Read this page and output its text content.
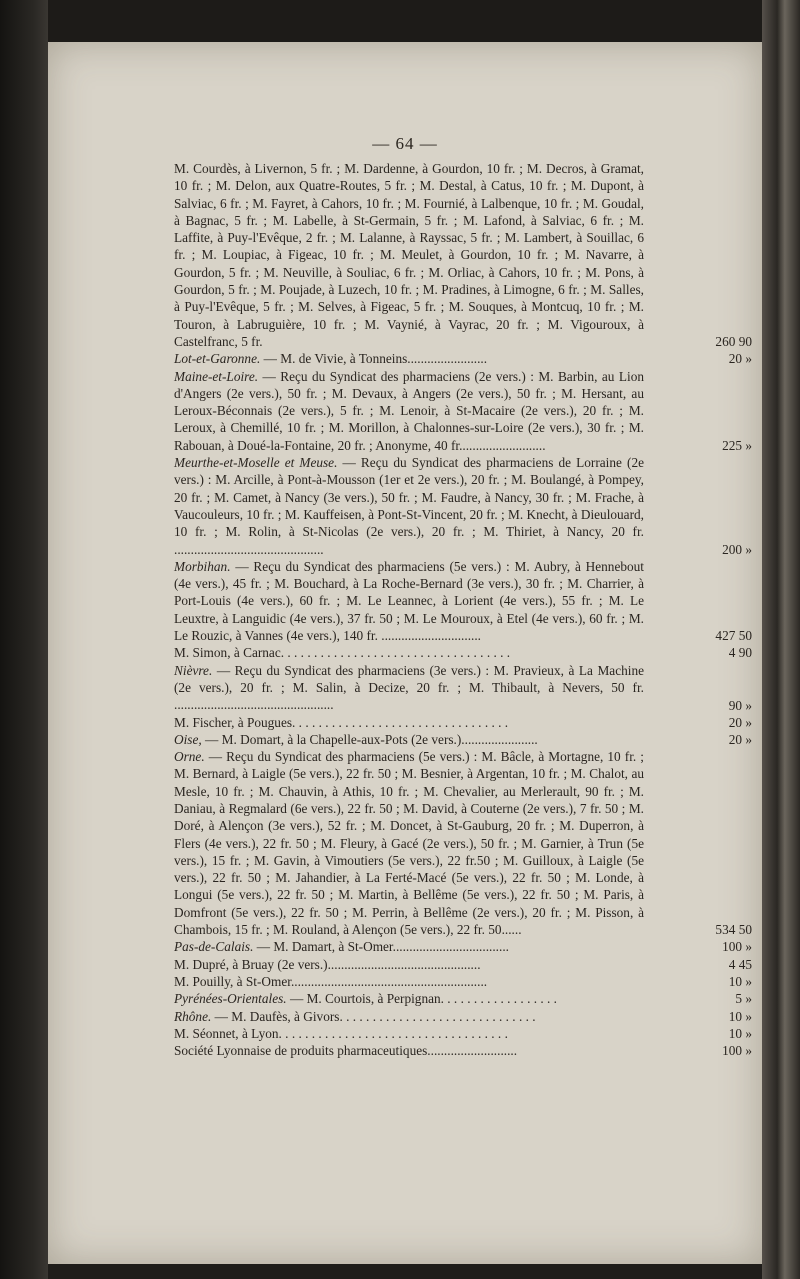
— 64 —

M. Courdès, à Livernon, 5 fr. ; M. Dardenne, à Gourdon, 10 fr. ; M. Decros, à Gramat, 10 fr. ; M. Delon, aux Quatre-Routes, 5 fr. ; M. Destal, à Catus, 10 fr. ; M. Dupont, à Salviac, 6 fr. ; M. Fayret, à Cahors, 10 fr. ; M. Fournié, à Lalbenque, 10 fr. ; M. Goudal, à Bagnac, 5 fr. ; M. Labelle, à St-Germain, 5 fr. ; M. Lafond, à Salviac, 6 fr. ; M. Laffite, à Puy-l'Evêque, 2 fr. ; M. Lalanne, à Rayssac, 5 fr. ; M. Lambert, à Souillac, 6 fr. ; M. Loupiac, à Figeac, 10 fr. ; M. Meulet, à Gourdon, 10 fr. ; M. Navarre, à Gourdon, 5 fr. ; M. Neuville, à Souliac, 6 fr. ; M. Orliac, à Cahors, 10 fr. ; M. Pons, à Gourdon, 5 fr. ; M. Poujade, à Luzech, 10 fr. ; M. Pradines, à Limogne, 6 fr. ; M. Salles, à Puy-l'Evêque, 5 fr. ; M. Selves, à Figeac, 5 fr. ; M. Souques, à Montcuq, 10 fr. ; M. Touron, à Labruguière, 10 fr. ; M. Vaynié, à Vayrac, 20 fr. ; M. Vigouroux, à Castelfranc, 5 fr.

Lot-et-Garonne. — M. de Vivie, à Tonneins........................

Maine-et-Loire. — Reçu du Syndicat des pharmaciens (2e vers.) : M. Barbin, au Lion d'Angers (2e vers.), 50 fr. ; M. Devaux, à Angers (2e vers.), 50 fr. ; M. Hersant, au Leroux-Béconnais (2e vers.), 5 fr. ; M. Lenoir, à St-Macaire (2e vers.), 20 fr. ; M. Leroux, à Chemillé, 10 fr. ; M. Morillon, à Chalonnes-sur-Loire (2e vers.), 30 fr. ; M. Rabouan, à Doué-la-Fontaine, 20 fr. ; Anonyme, 40 fr..........................

Meurthe-et-Moselle et Meuse. — Reçu du Syndicat des pharmaciens de Lorraine (2e vers.) : M. Arcille, à Pont-à-Mousson (1er et 2e vers.), 20 fr. ; M. Boulangé, à Pompey, 20 fr. ; M. Camet, à Nancy (3e vers.), 50 fr. ; M. Faudre, à Nancy, 30 fr. ; M. Frache, à Vaucouleurs, 10 fr. ; M. Kauffeisen, à Pont-St-Vincent, 20 fr. ; M. Knecht, à Dieulouard, 10 fr. ; M. Rolin, à St-Nicolas (2e vers.), 20 fr. ; M. Thiriet, à Nancy, 20 fr. .............................................

Morbihan. — Reçu du Syndicat des pharmaciens (5e vers.) : M. Aubry, à Hennebout (4e vers.), 45 fr. ; M. Bouchard, à La Roche-Bernard (3e vers.), 30 fr. ; M. Charrier, à Port-Louis (4e vers.), 60 fr. ; M. Le Leannec, à Lorient (4e vers.), 55 fr. ; M. Le Leuxtre, à Languidic (4e vers.), 37 fr. 50 ; M. Le Mouroux, à Etel (4e vers.), 60 fr. ; M. Le Rouzic, à Vannes (4e vers.), 140 fr. ..............................

M. Simon, à Carnac. . . . . . . . . . . . . . . . . . . . . . . . . . . . . . . . . . .

Nièvre. — Reçu du Syndicat des pharmaciens (3e vers.) : M. Pravieux, à La Machine (2e vers.), 20 fr. ; M. Salin, à Decize, 20 fr. ; M. Thibault, à Nevers, 50 fr. ................................................

M. Fischer, à Pougues. . . . . . . . . . . . . . . . . . . . . . . . . . . . . . . . .

Oise, — M. Domart, à la Chapelle-aux-Pots (2e vers.).......................

Orne. — Reçu du Syndicat des pharmaciens (5e vers.) : M. Bâcle, à Mortagne, 10 fr. ; M. Bernard, à Laigle (5e vers.), 22 fr. 50 ; M. Besnier, à Argentan, 10 fr. ; M. Chalot, au Mesle, 10 fr. ; M. Chauvin, à Athis, 10 fr. ; M. Chevalier, au Merlerault, 90 fr. ; M. Daniau, à Regmalard (6e vers.), 22 fr. 50 ; M. David, à Couterne (2e vers.), 7 fr. 50 ; M. Doré, à Alençon (3e vers.), 52 fr. ; M. Doncet, à St-Gauburg, 20 fr. ; M. Duperron, à Flers (4e vers.), 22 fr. 50 ; M. Fleury, à Gacé (2e vers.), 50 fr. ; M. Garnier, à Trun (5e vers.), 15 fr. ; M. Gavin, à Vimoutiers (5e vers.), 22 fr.50 ; M. Guilloux, à Laigle (5e vers.), 22 fr. 50 ; M. Jahandier, à La Ferté-Macé (5e vers.), 22 fr. 50 ; M. Londe, à Longui (5e vers.), 22 fr. 50 ; M. Martin, à Bellême (5e vers.), 22 fr. 50 ; M. Paris, à Domfront (5e vers.), 22 fr. 50 ; M. Perrin, à Bellême (2e vers.), 20 fr. ; M. Pisson, à Chambois, 15 fr. ; M. Rouland, à Alençon (5e vers.), 22 fr. 50......

Pas-de-Calais. — M. Damart, à St-Omer...................................

M. Dupré, à Bruay (2e vers.)..............................................

M. Pouilly, à St-Omer...........................................................

Pyrénées-Orientales. — M. Courtois, à Perpignan. . . . . . . . . . . . . . . . . .

Rhône. — M. Daufès, à Givors. . . . . . . . . . . . . . . . . . . . . . . . . . . . . .

M. Séonnet, à Lyon. . . . . . . . . . . . . . . . . . . . . . . . . . . . . . . . . . .

Société Lyonnaise de produits pharmaceutiques...........................

260 90
20 »
225 »
200 »
427 50
4 90
90 »
20 »
20 »
534 50
100 »
4 45
10 »
5 »
10 »
10 »
100 »
